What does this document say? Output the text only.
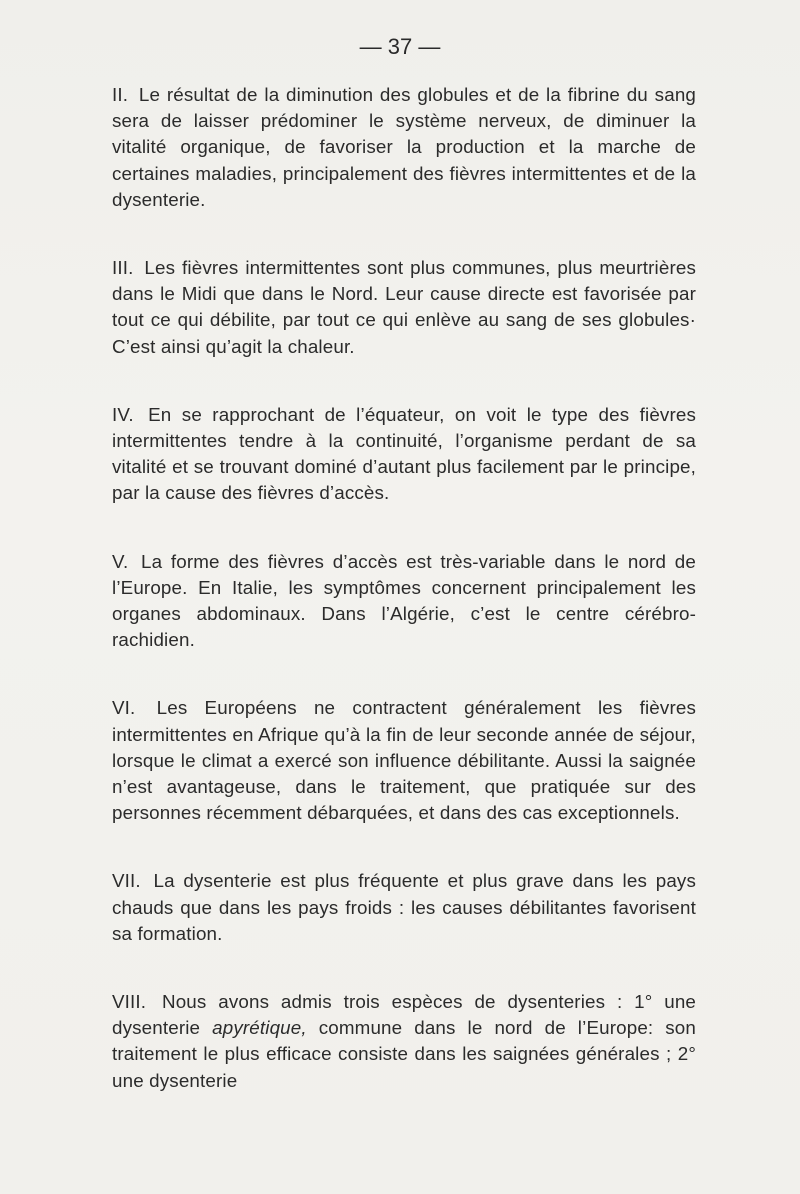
— 37 —

II. Le résultat de la diminution des globules et de la fibrine du sang sera de laisser prédominer le système nerveux, de diminuer la vitalité organique, de favoriser la production et la marche de certaines maladies, principalement des fièvres intermittentes et de la dysenterie.

III. Les fièvres intermittentes sont plus communes, plus meurtrières dans le Midi que dans le Nord. Leur cause directe est favorisée par tout ce qui débilite, par tout ce qui enlève au sang de ses globules· C’est ainsi qu’agit la chaleur.

IV. En se rapprochant de l’équateur, on voit le type des fièvres intermittentes tendre à la continuité, l’organisme perdant de sa vitalité et se trouvant dominé d’autant plus facilement par le principe, par la cause des fièvres d’accès.

V. La forme des fièvres d’accès est très-variable dans le nord de l’Europe. En Italie, les symptômes concernent principalement les organes abdominaux. Dans l’Algérie, c’est le centre cérébro-rachidien.

VI. Les Européens ne contractent généralement les fièvres intermittentes en Afrique qu’à la fin de leur seconde année de séjour, lorsque le climat a exercé son influence débilitante. Aussi la saignée n’est avantageuse, dans le traitement, que pratiquée sur des personnes récemment débarquées, et dans des cas exceptionnels.

VII. La dysenterie est plus fréquente et plus grave dans les pays chauds que dans les pays froids : les causes débilitantes favorisent sa formation.

VIII. Nous avons admis trois espèces de dysenteries : 1° une dysenterie apyrétique, commune dans le nord de l’Europe: son traitement le plus efficace consiste dans les saignées générales ; 2° une dysenterie
